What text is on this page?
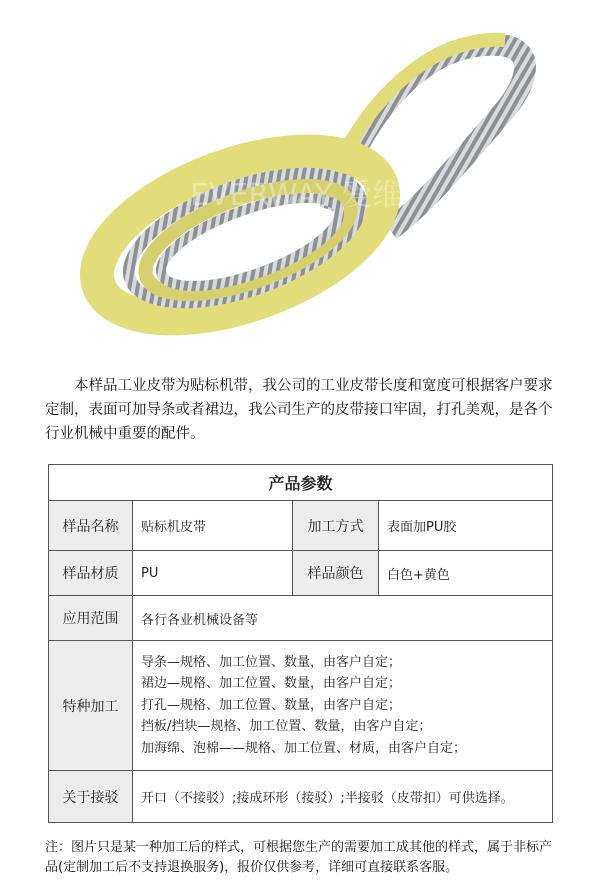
EVERWAY 爱维

本样品工业皮带为贴标机带，我公司的工业皮带长度和宽度可根据客户要求定制，表面可加导条或者裙边，我公司生产的皮带接口牢固，打孔美观，是各个行业机械中重要的配件。

产品参数			
样品名称	贴标机皮带	加工方式	表面加PU胶
样品材质	PU	样品颜色	白色+黄色
应用范围	各行各业机械设备等		
特种加工	导条—规格、加工位置、数量，由客户自定；
裙边—规格、加工位置、数量，由客户自定；
打孔—规格、加工位置、数量，由客户自定；
挡板/挡块—规格、加工位置、数量，由客户自定；
加海绵、泡棉——规格、加工位置、材质，由客户自定；		

关于接驳	开口（不接驳）;接成环形（接驳）;半接驳（皮带扣）可供选择。		

注：图片只是某一种加工后的样式，可根据您生产的需要加工成其他的样式，属于非标产品(定制加工后不支持退换服务)，报价仅供参考，详细可直接联系客服。
